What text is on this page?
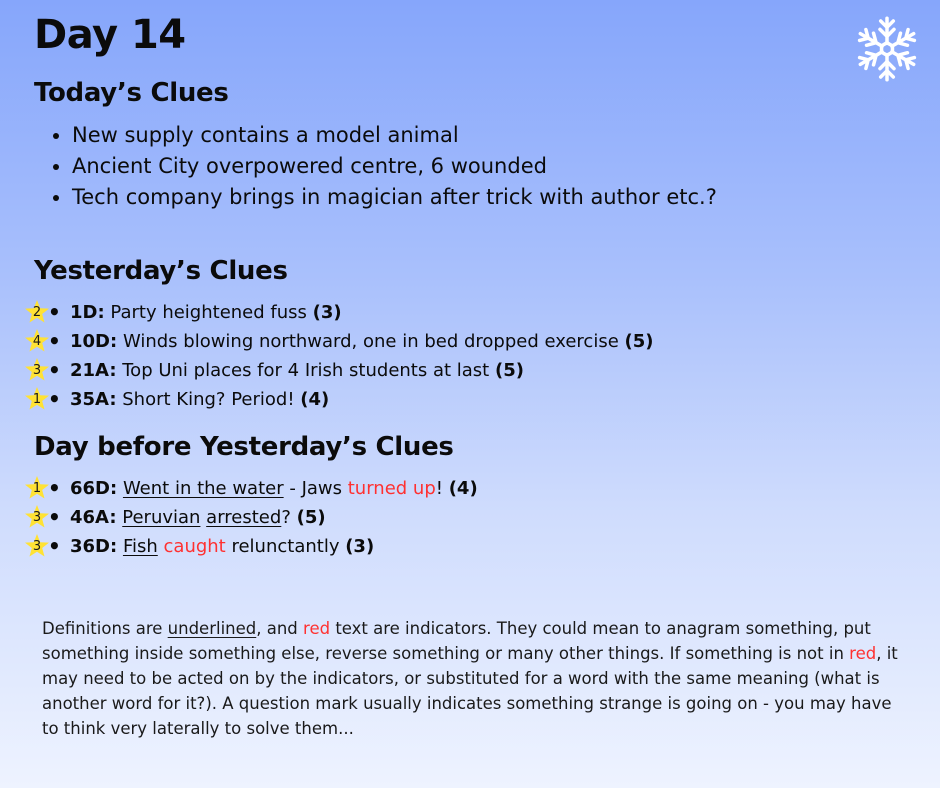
Day 14
Today’s Clues
• New supply contains a model animal
• Ancient City overpowered centre, 6 wounded
• Tech company brings in magician after trick with author etc.?
Yesterday’s Clues
2 • 1D: Party heightened fuss (3)
4 • 10D: Winds blowing northward, one in bed dropped exercise (5)
3 • 21A: Top Uni places for 4 Irish students at last (5)
1 • 35A: Short King? Period! (4)
Day before Yesterday’s Clues
1 • 66D: Went in the water - Jaws turned up! (4)
3 • 46A: Peruvian arrested? (5)
3 • 36D: Fish caught relunctantly (3)

Definitions are underlined, and red text are indicators. They could mean to anagram something, put something inside something else, reverse something or many other things. If something is not in red, it may need to be acted on by the indicators, or substituted for a word with the same meaning (what is another word for it?). A question mark usually indicates something strange is going on - you may have to think very laterally to solve them...
